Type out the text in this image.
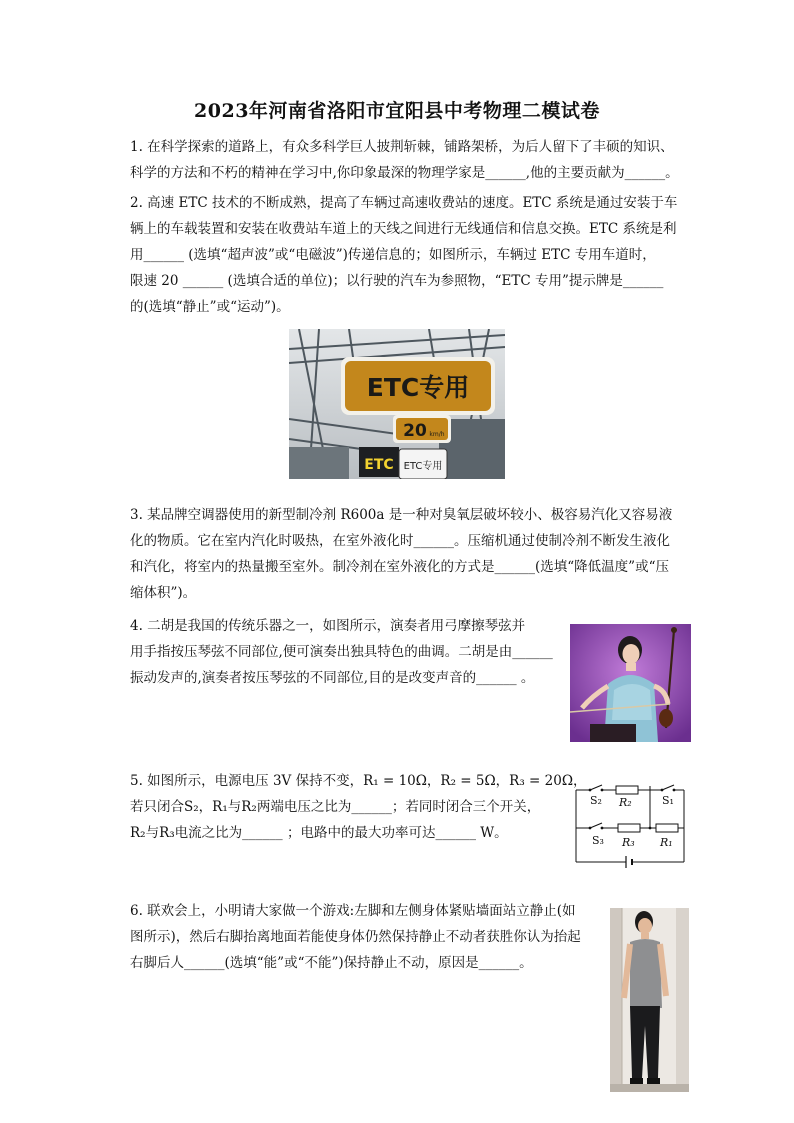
2023年河南省洛阳市宜阳县中考物理二模试卷

1. 在科学探索的道路上，有众多科学巨人披荆斩棘，铺路架桥，为后人留下了丰硕的知识、

科学的方法和不朽的精神在学习中,你印象最深的物理学家是______,他的主要贡献为______。

2. 高速 ETC 技术的不断成熟，提高了车辆过高速收费站的速度。ETC 系统是通过安装于车

辆上的车载装置和安装在收费站车道上的天线之间进行无线通信和信息交换。ETC 系统是利

用______ (选填“超声波”或“电磁波”)传递信息的；如图所示，车辆过 ETC 专用车道时，

限速 20 ______ (选填合适的单位)；以行驶的汽车为参照物，“ETC 专用”提示牌是______

的(选填“静止”或“运动”)。

ETC专用
20 km/h
ETC ETC专用

3. 某品牌空调器使用的新型制冷剂 R600a 是一种对臭氧层破坏较小、极容易汽化又容易液

化的物质。它在室内汽化时吸热，在室外液化时______。压缩机通过使制冷剂不断发生液化

和汽化，将室内的热量搬至室外。制冷剂在室外液化的方式是______(选填“降低温度”或“压

缩体积”)。

4. 二胡是我国的传统乐器之一，如图所示，演奏者用弓摩擦琴弦并

用手指按压琴弦不同部位,便可演奏出独具特色的曲调。二胡是由______

振动发声的,演奏者按压琴弦的不同部位,目的是改变声音的______ 。

5. 如图所示，电源电压 3V 保持不变，R₁ = 10Ω，R₂ = 5Ω，R₃ = 20Ω，

若只闭合S₂，R₁与R₂两端电压之比为______；若同时闭合三个开关，

R₂与R₃电流之比为______ ；电路中的最大功率可达______ W。

S₂ R₂	S₁
S₃ R₃ R₁

6. 联欢会上，小明请大家做一个游戏:左脚和左侧身体紧贴墙面站立静止(如

图所示)，然后右脚抬离地面若能使身体仍然保持静止不动者获胜你认为抬起

右脚后人______(选填“能”或“不能”)保持静止不动，原因是______。
